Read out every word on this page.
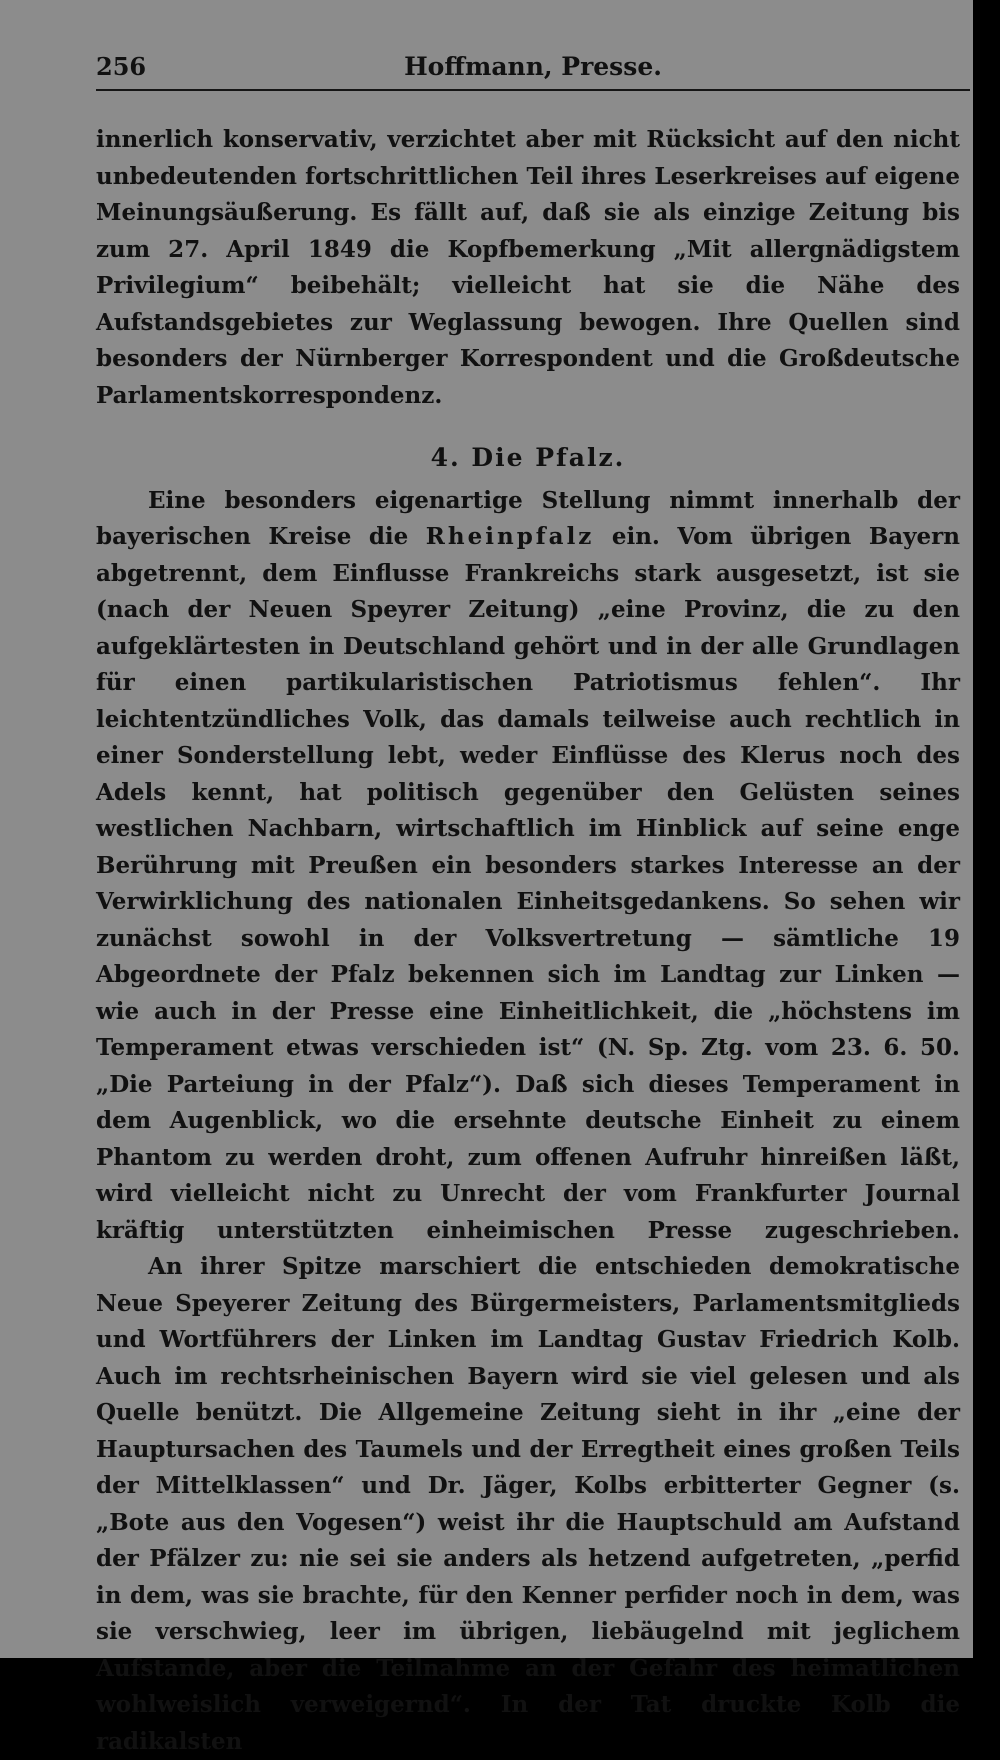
256	Hoffmann, Presse.

innerlich konservativ, verzichtet aber mit Rücksicht auf den nicht unbedeutenden fortschrittlichen Teil ihres Leserkreises auf eigene Meinungsäußerung. Es fällt auf, daß sie als einzige Zeitung bis zum 27. April 1849 die Kopfbemerkung „Mit allergnädigstem Privilegium“ beibehält; vielleicht hat sie die Nähe des Aufstandsgebietes zur Weglassung bewogen. Ihre Quellen sind besonders der Nürnberger Korrespondent und die Großdeutsche Parlamentskorrespondenz.

4. Die Pfalz.

Eine besonders eigenartige Stellung nimmt innerhalb der bayerischen Kreise die Rheinpfalz ein. Vom übrigen Bayern abgetrennt, dem Einflusse Frankreichs stark ausgesetzt, ist sie (nach der Neuen Speyrer Zeitung) „eine Provinz, die zu den aufgeklärtesten in Deutschland gehört und in der alle Grundlagen für einen partikularistischen Patriotismus fehlen“. Ihr leichtentzündliches Volk, das damals teilweise auch rechtlich in einer Sonderstellung lebt, weder Einflüsse des Klerus noch des Adels kennt, hat politisch gegenüber den Gelüsten seines westlichen Nachbarn, wirtschaftlich im Hinblick auf seine enge Berührung mit Preußen ein besonders starkes Interesse an der Verwirklichung des nationalen Einheitsgedankens. So sehen wir zunächst sowohl in der Volksvertretung — sämtliche 19 Abgeordnete der Pfalz bekennen sich im Landtag zur Linken — wie auch in der Presse eine Einheitlichkeit, die „höchstens im Temperament etwas verschieden ist“ (N. Sp. Ztg. vom 23. 6. 50. „Die Parteiung in der Pfalz“). Daß sich dieses Temperament in dem Augenblick, wo die ersehnte deutsche Einheit zu einem Phantom zu werden droht, zum offenen Aufruhr hinreißen läßt, wird vielleicht nicht zu Unrecht der vom Frankfurter Journal kräftig unterstützten einheimischen Presse zugeschrieben.

An ihrer Spitze marschiert die entschieden demokratische Neue Speyerer Zeitung des Bürgermeisters, Parlamentsmitglieds und Wortführers der Linken im Landtag Gustav Friedrich Kolb. Auch im rechtsrheinischen Bayern wird sie viel gelesen und als Quelle benützt. Die Allgemeine Zeitung sieht in ihr „eine der Hauptursachen des Taumels und der Erregtheit eines großen Teils der Mittelklassen“ und Dr. Jäger, Kolbs erbitterter Gegner (s. „Bote aus den Vogesen“) weist ihr die Hauptschuld am Aufstand der Pfälzer zu: nie sei sie anders als hetzend aufgetreten, „perfid in dem, was sie brachte, für den Kenner perfider noch in dem, was sie verschwieg, leer im übrigen, liebäugelnd mit jeglichem Aufstande, aber die Teilnahme an der Gefahr des heimatlichen wohlweislich verweigernd“. In der Tat druckte Kolb die radikalsten
